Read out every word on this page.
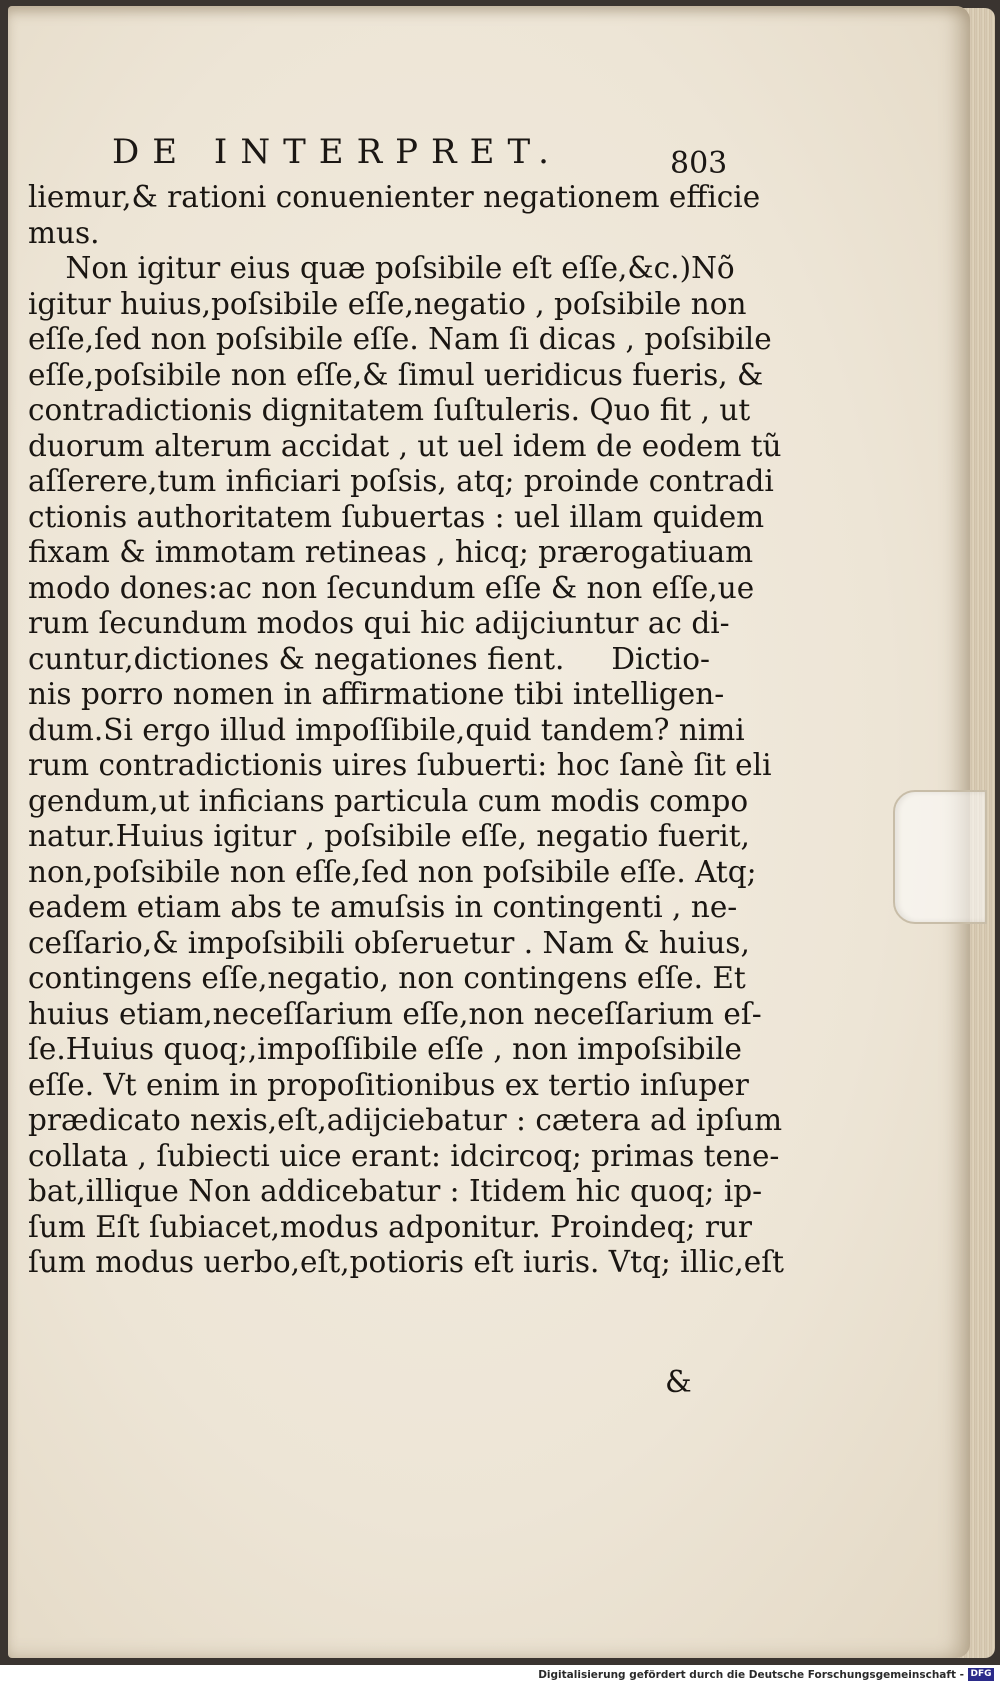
DE INTERPRET.	803
liemur,& rationi conuenienter negationem efficie
mus.
Non igitur eius quæ poſsibile eſt eſſe,&c.)Nõ
igitur huius,poſsibile eſſe,negatio , poſsibile non
eſſe,ſed non poſsibile eſſe. Nam ſi dicas , poſsibile
eſſe,poſsibile non eſſe,& ſimul ueridicus fueris, &
contradictionis dignitatem ſuſtuleris. Quo fit , ut
duorum alterum accidat , ut uel idem de eodem tũ
aſſerere,tum inficiari poſsis, atq; proinde contradi
ctionis authoritatem ſubuertas : uel illam quidem
fixam & immotam retineas , hicq; prærogatiuam
modo dones:ac non ſecundum eſſe & non eſſe,ue
rum ſecundum modos qui hic adijciuntur ac di-
cuntur,dictiones & negationes fient.     Dictio-
nis porro nomen in affirmatione tibi intelligen-
dum.Si ergo illud impoſſibile,quid tandem? nimi
rum contradictionis uires ſubuerti: hoc ſanè ſit eli
gendum,ut inficians particula cum modis compo
natur.Huius igitur , poſsibile eſſe, negatio fuerit,
non,poſsibile non eſſe,ſed non poſsibile eſſe. Atq;
eadem etiam abs te amuſsis in contingenti , ne-
ceſſario,& impoſsibili obſeruetur . Nam & huius,
contingens eſſe,negatio, non contingens eſſe. Et
huius etiam,neceſſarium eſſe,non neceſſarium eſ-
ſe.Huius quoq;,impoſſibile eſſe , non impoſsibile
eſſe. Vt enim in propoſitionibus ex tertio inſuper
prædicato nexis,eſt,adijciebatur : cætera ad ipſum
collata , ſubiecti uice erant: idcircoq; primas tene-
bat,illique Non addicebatur : Itidem hic quoq; ip-
ſum Eſt ſubiacet,modus adponitur. Proindeq; rur
ſum modus uerbo,eſt,potioris eſt iuris. Vtq; illic,eſt
&
Digitalisierung gefördert durch die Deutsche Forschungsgemeinschaft - DFG
